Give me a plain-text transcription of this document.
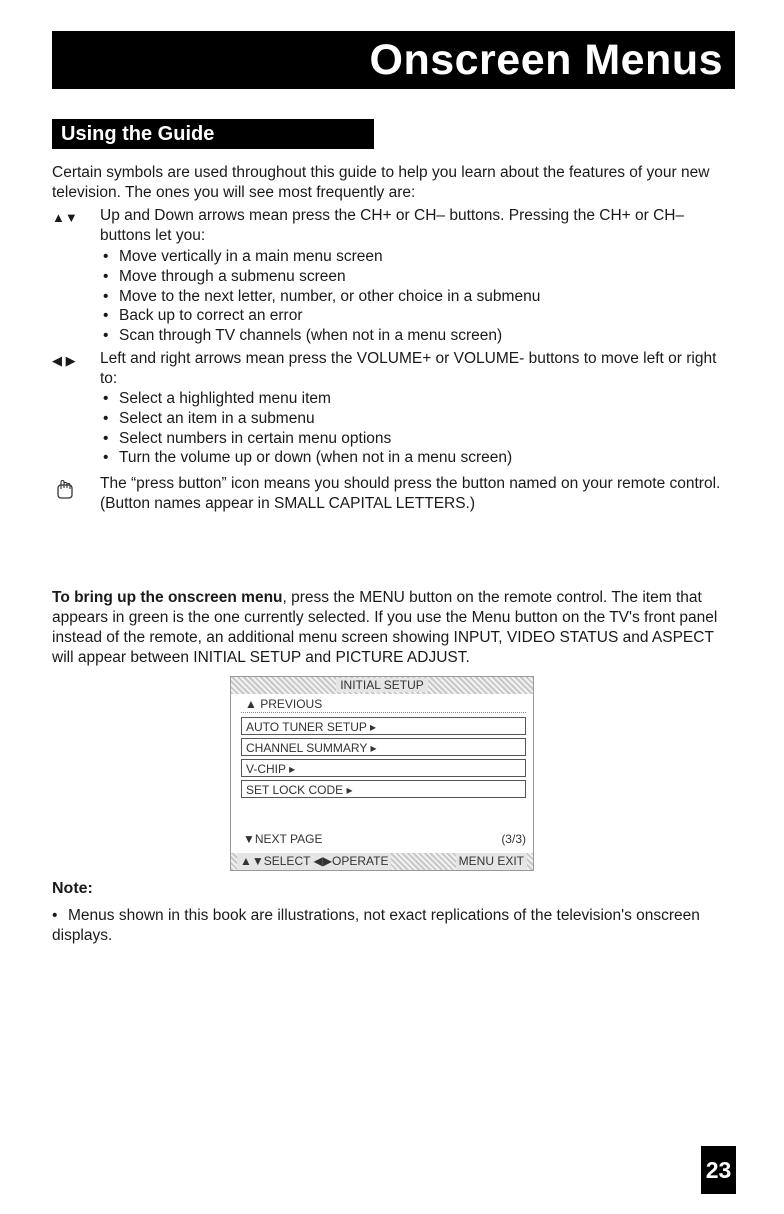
Onscreen Menus
Using the Guide
Certain symbols are used throughout this guide to help you learn about the features of your new television. The ones you will see most frequently are:
▲▼ Up and Down arrows mean press the CH+ or CH– buttons. Pressing the CH+ or CH– buttons let you:
• Move vertically in a main menu screen
• Move through a submenu screen
• Move to the next letter, number, or other choice in a submenu
• Back up to correct an error
• Scan through TV channels (when not in a menu screen)
◀ ▶ Left and right arrows mean press the VOLUME+ or VOLUME- buttons to move left or right to:
• Select a highlighted menu item
• Select an item in a submenu
• Select numbers in certain menu options
• Turn the volume up or down (when not in a menu screen)
The “press button” icon means you should press the button named on your remote control. (Button names appear in SMALL CAPITAL LETTERS.)
To bring up the onscreen menu, press the MENU button on the remote control. The item that appears in green is the one currently selected. If you use the Menu button on the TV's front panel instead of the remote, an additional menu screen showing INPUT, VIDEO STATUS and ASPECT will appear between INITIAL SETUP and PICTURE ADJUST.
INITIAL SETUP
▲ PREVIOUS
AUTO TUNER SETUP ▸
CHANNEL SUMMARY ▸
V-CHIP ▸
SET LOCK CODE ▸
▼NEXT PAGE	(3/3)
▲▼SELECT ◀▶OPERATE	MENU EXIT
Note:
• Menus shown in this book are illustrations, not exact replications of the television's onscreen displays.
23
